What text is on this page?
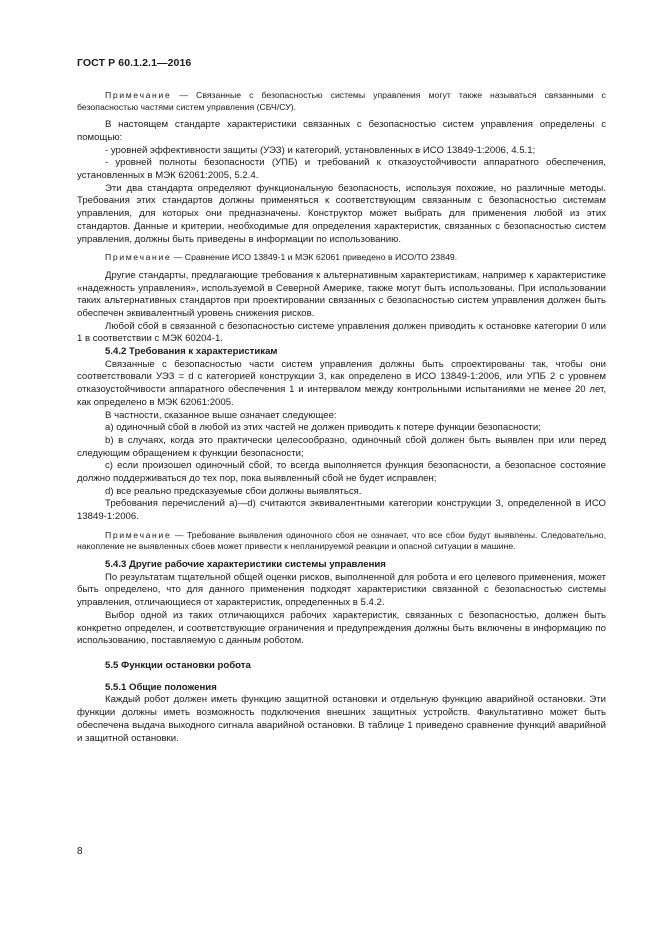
ГОСТ Р 60.1.2.1—2016

Примечание — Связанные с безопасностью системы управления могут также называться связанными с безопасностью частями систем управления (СБЧ/СУ).

В настоящем стандарте характеристики связанных с безопасностью систем управления определены с помощью:

- уровней эффективности защиты (УЭЗ) и категорий, установленных в ИСО 13849-1:2006, 4.5.1;

- уровней полноты безопасности (УПБ) и требований к отказоустойчивости аппаратного обеспечения, установленных в МЭК 62061:2005, 5.2.4.

Эти два стандарта определяют функциональную безопасность, используя похожие, но различные методы. Требования этих стандартов должны применяться к соответствующим связанным с безопасностью системам управления, для которых они предназначены. Конструктор может выбрать для применения любой из этих стандартов. Данные и критерии, необходимые для определения характеристик, связанных с безопасностью систем управления, должны быть приведены в информации по использованию.

Примечание — Сравнение ИСО 13849-1 и МЭК 62061 приведено в ИСО/ТО 23849.

Другие стандарты, предлагающие требования к альтернативным характеристикам, например к характеристике «надежность управления», используемой в Северной Америке, также могут быть использованы. При использовании таких альтернативных стандартов при проектировании связанных с безопасностью систем управления должен быть обеспечен эквивалентный уровень снижения рисков.

Любой сбой в связанной с безопасностью системе управления должен приводить к остановке категории 0 или 1 в соответствии с МЭК 60204-1.

5.4.2 Требования к характеристикам

Связанные с безопасностью части систем управления должны быть спроектированы так, чтобы они соответствовали УЭЗ = d с категорией конструкции 3, как определено в ИСО 13849-1:2006, или УПБ 2 с уровнем отказоустойчивости аппаратного обеспечения 1 и интервалом между контрольными испытаниями не менее 20 лет, как определено в МЭК 62061:2005.

В частности, сказанное выше означает следующее:

a) одиночный сбой в любой из этих частей не должен приводить к потере функции безопасности;

b) в случаях, когда это практически целесообразно, одиночный сбой должен быть выявлен при или перед следующим обращением к функции безопасности;

c) если произошел одиночный сбой, то всегда выполняется функция безопасности, а безопасное состояние должно поддерживаться до тех пор, пока выявленный сбой не будет исправлен;

d) все реально предсказуемые сбои должны выявляться.

Требования перечислений а)—d) считаются эквивалентными категории конструкции 3, определенной в ИСО 13849-1:2006.

Примечание — Требование выявления одиночного сбоя не означает, что все сбои будут выявлены. Следовательно, накопление не выявленных сбоев может привести к непланируемой реакции и опасной ситуации в машине.

5.4.3 Другие рабочие характеристики системы управления

По результатам тщательной общей оценки рисков, выполненной для робота и его целевого применения, может быть определено, что для данного применения подходят характеристики связанной с безопасностью системы управления, отличающиеся от характеристик, определенных в 5.4.2.

Выбор одной из таких отличающихся рабочих характеристик, связанных с безопасностью, должен быть конкретно определен, и соответствующие ограничения и предупреждения должны быть включены в информацию по использованию, поставляемую с данным роботом.

5.5 Функции остановки робота

5.5.1 Общие положения

Каждый робот должен иметь функцию защитной остановки и отдельную функцию аварийной остановки. Эти функции должны иметь возможность подключения внешних защитных устройств. Факультативно может быть обеспечена выдача выходного сигнала аварийной остановки. В таблице 1 приведено сравнение функций аварийной и защитной остановки.

8
